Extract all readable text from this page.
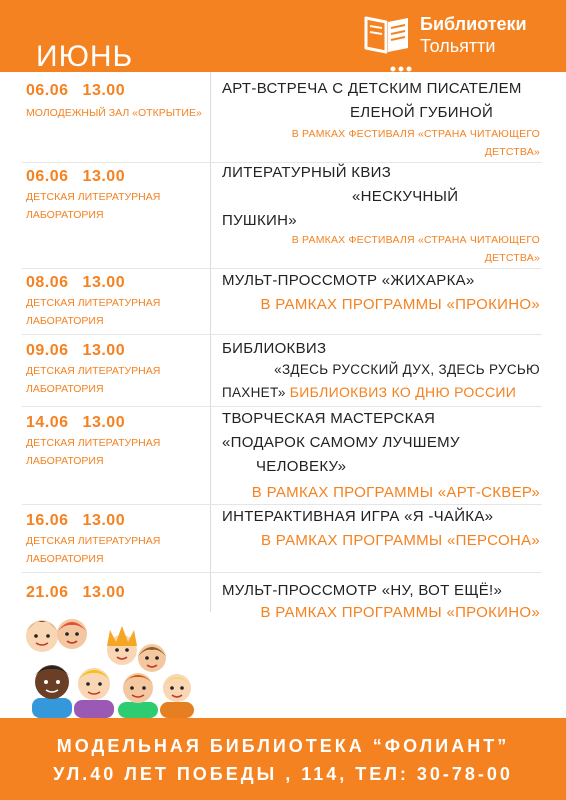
ИЮНЬ
Библиотеки
Тольятти
06.06 13.00
МОЛОДЕЖНЫЙ ЗАЛ «ОТКРЫТИЕ»
АРТ-ВСТРЕЧА С ДЕТСКИМ ПИСАТЕЛЕМ
ЕЛЕНОЙ ГУБИНОЙ
В РАМКАХ ФЕСТИВАЛЯ «СТРАНА ЧИТАЮЩЕГО
ДЕТСТВА»
06.06 13.00
ДЕТСКАЯ ЛИТЕРАТУРНАЯ
ЛАБОРАТОРИЯ
ЛИТЕРАТУРНЫЙ КВИЗ
«НЕСКУЧНЫЙ
ПУШКИН»
В РАМКАХ ФЕСТИВАЛЯ «СТРАНА ЧИТАЮЩЕГО
ДЕТСТВА»
08.06 13.00
ДЕТСКАЯ ЛИТЕРАТУРНАЯ
ЛАБОРАТОРИЯ
МУЛЬТ-ПРОССМОТР «ЖИХАРКА»
В РАМКАХ ПРОГРАММЫ «ПРОКИНО»
09.06 13.00
ДЕТСКАЯ ЛИТЕРАТУРНАЯ
ЛАБОРАТОРИЯ
БИБЛИОКВИЗ
«ЗДЕСЬ РУССКИЙ ДУХ, ЗДЕСЬ РУСЬЮ
ПАХНЕТ» БИБЛИОКВИЗ КО ДНЮ РОССИИ
14.06 13.00
ДЕТСКАЯ ЛИТЕРАТУРНАЯ
ЛАБОРАТОРИЯ
ТВОРЧЕСКАЯ МАСТЕРСКАЯ
«ПОДАРОК САМОМУ ЛУЧШЕМУ
ЧЕЛОВЕКУ»
В РАМКАХ ПРОГРАММЫ «АРТ-СКВЕР»
16.06 13.00
ДЕТСКАЯ ЛИТЕРАТУРНАЯ
ЛАБОРАТОРИЯ
ИНТЕРАКТИВНАЯ ИГРА «Я -ЧАЙКА»
В РАМКАХ ПРОГРАММЫ «ПЕРСОНА»
21.06 13.00	МУЛЬТ-ПРОССМОТР «НУ, ВОТ ЕЩЁ!»
В РАМКАХ ПРОГРАММЫ «ПРОКИНО»
МОДЕЛЬНАЯ БИБЛИОТЕКА “ФОЛИАНТ”
УЛ.40 ЛЕТ ПОБЕДЫ , 114, ТЕЛ: 30-78-00
